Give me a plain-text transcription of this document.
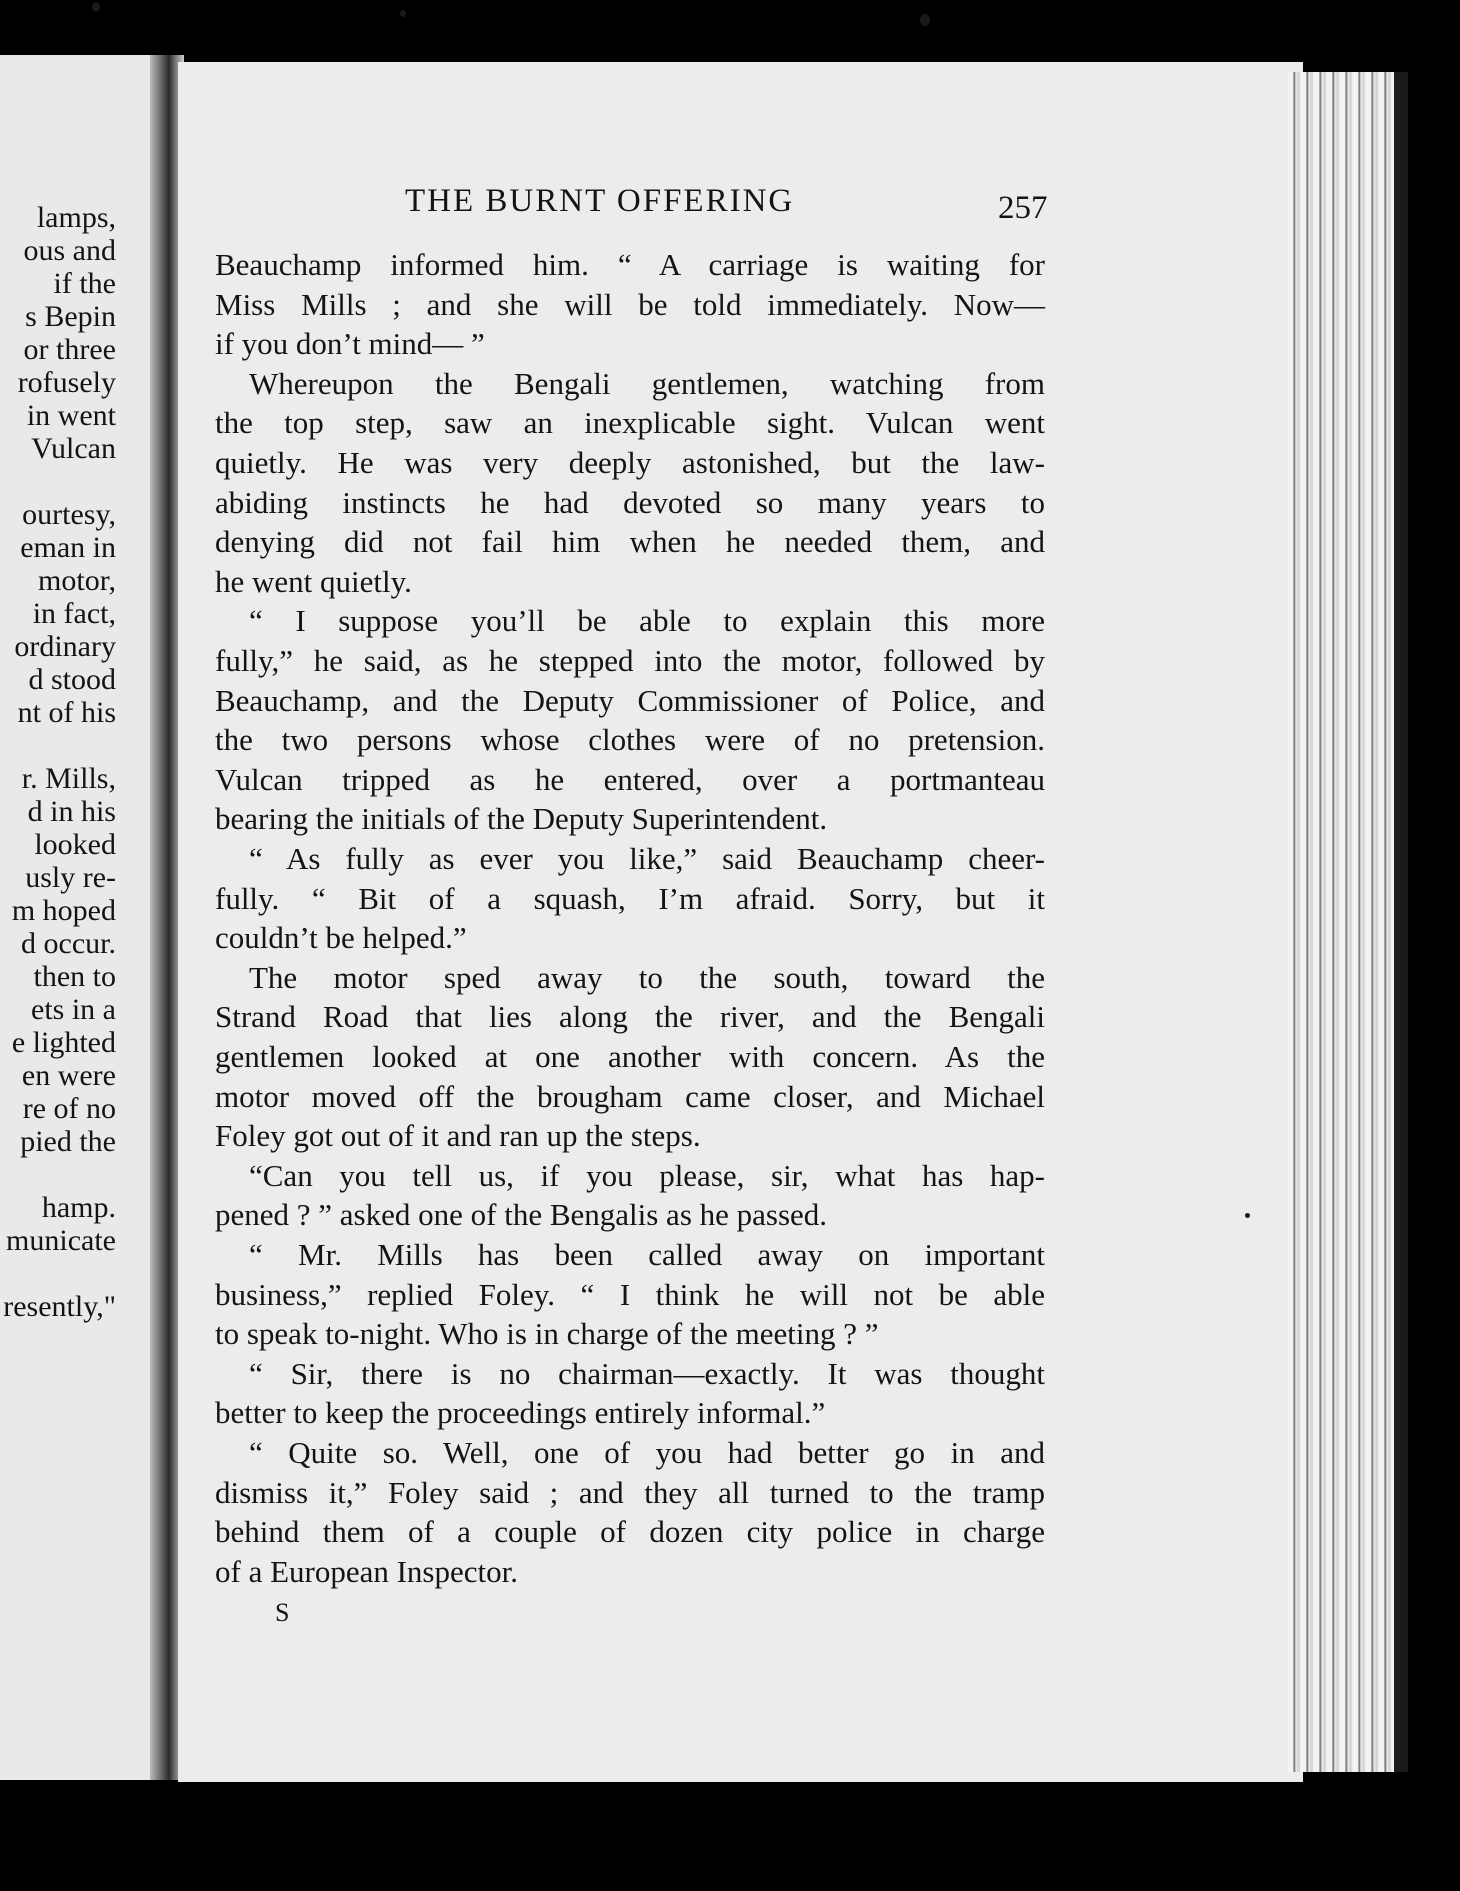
lamps,
ous and
if the
s Bepin
or three
rofusely
in went
Vulcan
ourtesy,
eman in
motor,
in fact,
ordinary
d stood
nt of his
r. Mills,
d in his
looked
usly re-
m hoped
d occur.
then to
ets in a
e lighted
en were
re of no
pied the
hamp.
municate
resently,"
THE BURNT OFFERING	257
Beauchamp informed him. “ A carriage is waiting for
Miss Mills ; and she will be told immediately. Now—
if you don’t mind— ”
Whereupon the Bengali gentlemen, watching from
the top step, saw an inexplicable sight. Vulcan went
quietly. He was very deeply astonished, but the law-
abiding instincts he had devoted so many years to
denying did not fail him when he needed them, and
he went quietly.
“ I suppose you’ll be able to explain this more
fully,” he said, as he stepped into the motor, followed by
Beauchamp, and the Deputy Commissioner of Police, and
the two persons whose clothes were of no pretension.
Vulcan tripped as he entered, over a portmanteau
bearing the initials of the Deputy Superintendent.
“ As fully as ever you like,” said Beauchamp cheer-
fully. “ Bit of a squash, I’m afraid. Sorry, but it
couldn’t be helped.”
The motor sped away to the south, toward the
Strand Road that lies along the river, and the Bengali
gentlemen looked at one another with concern. As the
motor moved off the brougham came closer, and Michael
Foley got out of it and ran up the steps.
“Can you tell us, if you please, sir, what has hap-
pened ? ” asked one of the Bengalis as he passed.
“ Mr. Mills has been called away on important
business,” replied Foley. “ I think he will not be able
to speak to-night. Who is in charge of the meeting ? ”
“ Sir, there is no chairman—exactly. It was thought
better to keep the proceedings entirely informal.”
“ Quite so. Well, one of you had better go in and
dismiss it,” Foley said ; and they all turned to the tramp
behind them of a couple of dozen city police in charge
of a European Inspector.
S
